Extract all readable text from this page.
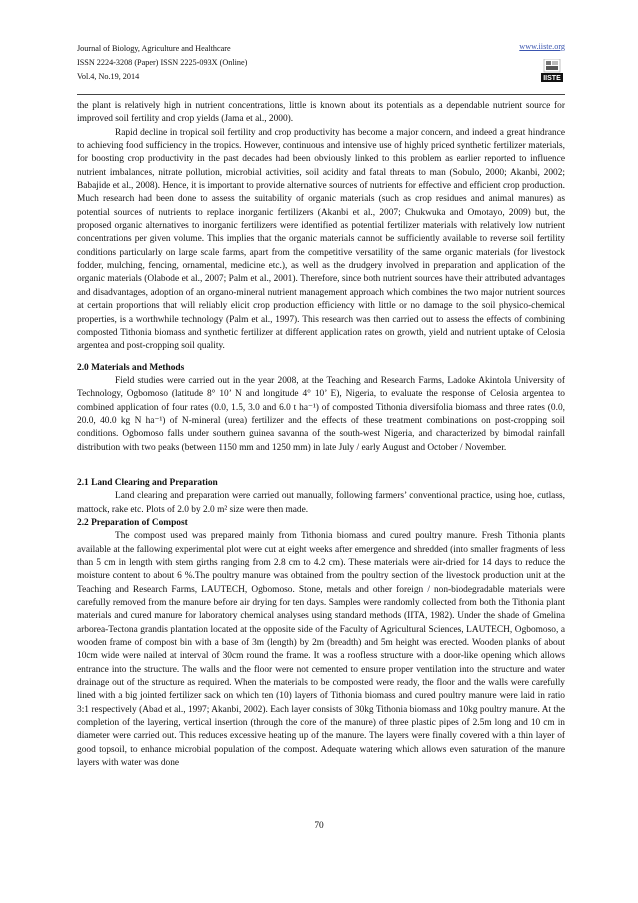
Journal of Biology, Agriculture and Healthcare
ISSN 2224-3208 (Paper) ISSN 2225-093X (Online)
Vol.4, No.19, 2014
www.iiste.org
IISTE

the plant is relatively high in nutrient concentrations, little is known about its potentials as a dependable nutrient source for improved soil fertility and crop yields (Jama et al., 2000).

Rapid decline in tropical soil fertility and crop productivity has become a major concern, and indeed a great hindrance to achieving food sufficiency in the tropics. However, continuous and intensive use of highly priced synthetic fertilizer materials, for boosting crop productivity in the past decades had been obviously linked to this problem as earlier reported to influence nutrient imbalances, nitrate pollution, microbial activities, soil acidity and fatal threats to man (Sobulo, 2000; Akanbi, 2002; Babajide et al., 2008). Hence, it is important to provide alternative sources of nutrients for effective and efficient crop production. Much research had been done to assess the suitability of organic materials (such as crop residues and animal manures) as potential sources of nutrients to replace inorganic fertilizers (Akanbi et al., 2007; Chukwuka and Omotayo, 2009) but, the proposed organic alternatives to inorganic fertilizers were identified as potential fertilizer materials with relatively low nutrient concentrations per given volume. This implies that the organic materials cannot be sufficiently available to reverse soil fertility conditions particularly on large scale farms, apart from the competitive versatility of the same organic materials (for livestock fodder, mulching, fencing, ornamental, medicine etc.), as well as the drudgery involved in preparation and application of the organic materials (Olabode et al., 2007; Palm et al., 2001). Therefore, since both nutrient sources have their attributed advantages and disadvantages, adoption of an organo-mineral nutrient management approach which combines the two major nutrient sources at certain proportions that will reliably elicit crop production efficiency with little or no damage to the soil physico-chemical properties, is a worthwhile technology (Palm et al., 1997). This research was then carried out to assess the effects of combining composted Tithonia biomass and synthetic fertilizer at different application rates on growth, yield and nutrient uptake of Celosia argentea and post-cropping soil quality.

2.0 Materials and Methods

Field studies were carried out in the year 2008, at the Teaching and Research Farms, Ladoke Akintola University of Technology, Ogbomoso (latitude 8° 10’ N and longitude 4° 10’ E), Nigeria, to evaluate the response of Celosia argentea to combined application of four rates (0.0, 1.5, 3.0 and 6.0 t ha⁻¹) of composted Tithonia diversifolia biomass and three rates (0.0, 20.0, 40.0 kg N ha⁻¹) of N-mineral (urea) fertilizer and the effects of these treatment combinations on post-cropping soil conditions. Ogbomoso falls under southern guinea savanna of the south-west Nigeria, and characterized by bimodal rainfall distribution with two peaks (between 1150 mm and 1250 mm) in late July / early August and October / November.

2.1 Land Clearing and Preparation

Land clearing and preparation were carried out manually, following farmers’ conventional practice, using hoe, cutlass, mattock, rake etc. Plots of 2.0 by 2.0 m² size were then made.

2.2 Preparation of Compost

The compost used was prepared mainly from Tithonia biomass and cured poultry manure. Fresh Tithonia plants available at the fallowing experimental plot were cut at eight weeks after emergence and shredded (into smaller fragments of less than 5 cm in length with stem girths ranging from 2.8 cm to 4.2 cm). These materials were air-dried for 14 days to reduce the moisture content to about 6 %.The poultry manure was obtained from the poultry section of the livestock production unit at the Teaching and Research Farms, LAUTECH, Ogbomoso. Stone, metals and other foreign / non-biodegradable materials were carefully removed from the manure before air drying for ten days. Samples were randomly collected from both the Tithonia plant materials and cured manure for laboratory chemical analyses using standard methods (IITA, 1982). Under the shade of Gmelina arborea-Tectona grandis plantation located at the opposite side of the Faculty of Agricultural Sciences, LAUTECH, Ogbomoso, a wooden frame of compost bin with a base of 3m (length) by 2m (breadth) and 5m height was erected. Wooden planks of about 10cm wide were nailed at interval of 30cm round the frame. It was a roofless structure with a door-like opening which allows entrance into the structure. The walls and the floor were not cemented to ensure proper ventilation into the structure and water drainage out of the structure as required. When the materials to be composted were ready, the floor and the walls were carefully lined with a big jointed fertilizer sack on which ten (10) layers of Tithonia biomass and cured poultry manure were laid in ratio 3:1 respectively (Abad et al., 1997; Akanbi, 2002). Each layer consists of 30kg Tithonia biomass and 10kg poultry manure. At the completion of the layering, vertical insertion (through the core of the manure) of three plastic pipes of 2.5m long and 10 cm in diameter were carried out. This reduces excessive heating up of the manure. The layers were finally covered with a thin layer of good topsoil, to enhance microbial population of the compost. Adequate watering which allows even saturation of the manure layers with water was done

70
